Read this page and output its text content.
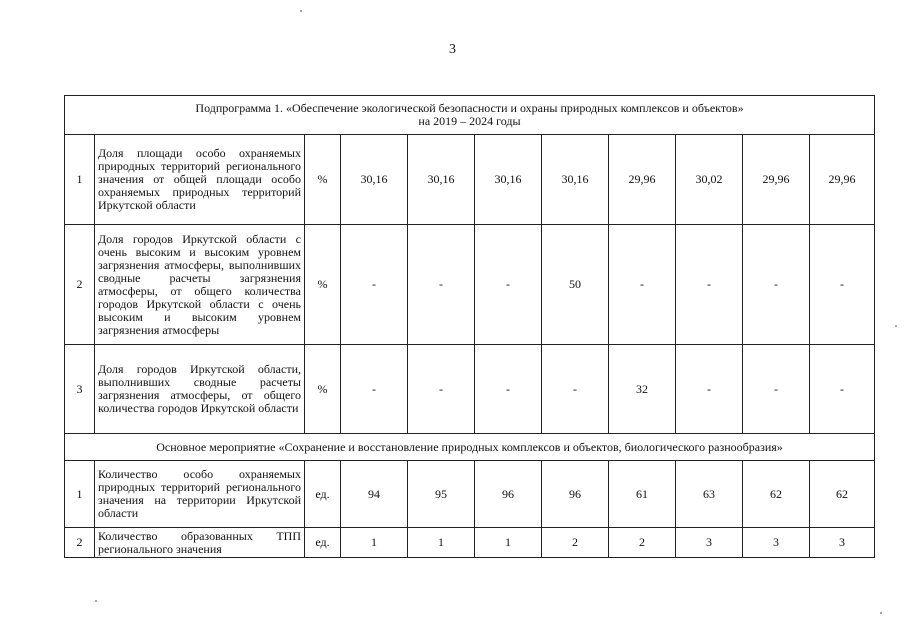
3
Подпрограмма 1. «Обеспечение экологической безопасности и охраны природных комплексов и объектов»
на 2019 – 2024 годы										

1	Доля площади особо охраняемых природных территорий регионального значения от общей площади особо охраняемых природных территорий Иркутской области	%	30,16	30,16	30,16	30,16	29,96	30,02	29,96	29,96
2	Доля городов Иркутской области с очень высоким и высоким уровнем загрязнения атмосферы, выполнивших сводные расчеты загрязнения атмосферы, от общего количества городов Иркутской области с очень высоким и высоким уровнем загрязнения атмосферы	%	-	-	-	50	-	-	-	-
3	Доля городов Иркутской области, выполнивших сводные расчеты загрязнения атмосферы, от общего количества городов Иркутской области	%	-	-	-	-	32	-	-	-
Основное мероприятие «Сохранение и восстановление природных комплексов и объектов, биологического разнообразия»										
1	Количество особо охраняемых природных территорий регионального значения на территории Иркутской области	ед.	94	95	96	96	61	63	62	62
2	Количество образованных ТПП регионального значения	ед.	1	1	1	2	2	3	3	3
